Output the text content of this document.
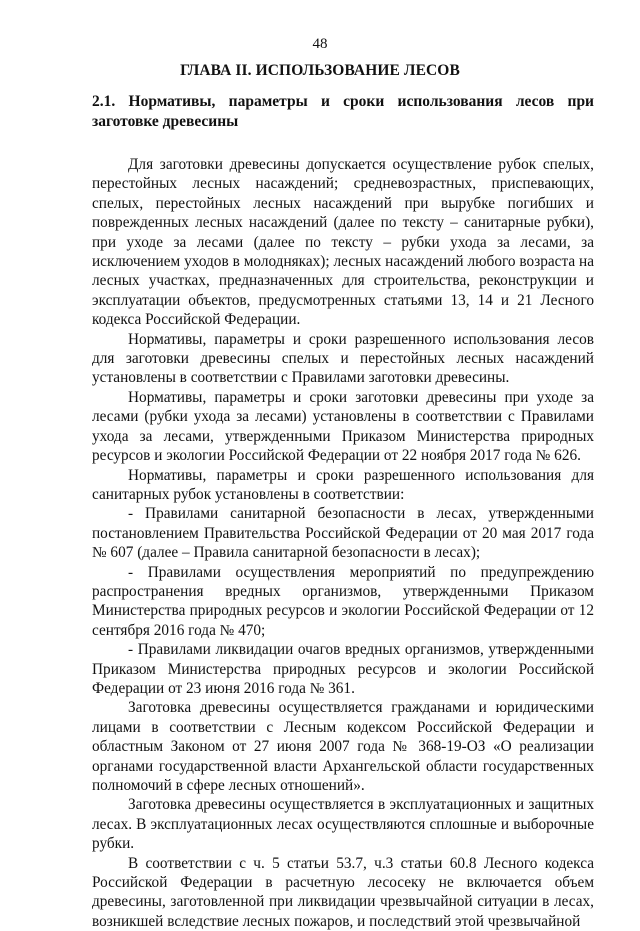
48
ГЛАВА II. ИСПОЛЬЗОВАНИЕ ЛЕСОВ
2.1. Нормативы, параметры и сроки использования лесов при заготовке древесины

Для заготовки древесины допускается осуществление рубок спелых, перестойных лесных насаждений; средневозрастных, приспевающих, спелых, перестойных лесных насаждений при вырубке погибших и поврежденных лесных насаждений (далее по тексту – санитарные рубки), при уходе за лесами (далее по тексту – рубки ухода за лесами, за исключением уходов в молодняках); лесных насаждений любого возраста на лесных участках, предназначенных для строительства, реконструкции и эксплуатации объектов, предусмотренных статьями 13, 14 и 21 Лесного кодекса Российской Федерации.

Нормативы, параметры и сроки разрешенного использования лесов для заготовки древесины спелых и перестойных лесных насаждений установлены в соответствии с Правилами заготовки древесины.

Нормативы, параметры и сроки заготовки древесины при уходе за лесами (рубки ухода за лесами) установлены в соответствии с Правилами ухода за лесами, утвержденными Приказом Министерства природных ресурсов и экологии Российской Федерации от 22 ноября 2017 года № 626.

Нормативы, параметры и сроки разрешенного использования для санитарных рубок установлены в соответствии:

- Правилами санитарной безопасности в лесах, утвержденными постановлением Правительства Российской Федерации от 20 мая 2017 года № 607 (далее – Правила санитарной безопасности в лесах);

- Правилами осуществления мероприятий по предупреждению распространения вредных организмов, утвержденными Приказом Министерства природных ресурсов и экологии Российской Федерации от 12 сентября 2016 года № 470;

- Правилами ликвидации очагов вредных организмов, утвержденными Приказом Министерства природных ресурсов и экологии Российской Федерации от 23 июня 2016 года № 361.

Заготовка древесины осуществляется гражданами и юридическими лицами в соответствии с Лесным кодексом Российской Федерации и областным Законом от 27 июня 2007 года № 368-19-ОЗ «О реализации органами государственной власти Архангельской области государственных полномочий в сфере лесных отношений».

Заготовка древесины осуществляется в эксплуатационных и защитных лесах. В эксплуатационных лесах осуществляются сплошные и выборочные рубки.

В соответствии с ч. 5 статьи 53.7, ч.3 статьи 60.8 Лесного кодекса Российской Федерации в расчетную лесосеку не включается объем древесины, заготовленной при ликвидации чрезвычайной ситуации в лесах, возникшей вследствие лесных пожаров, и последствий этой чрезвычайной
